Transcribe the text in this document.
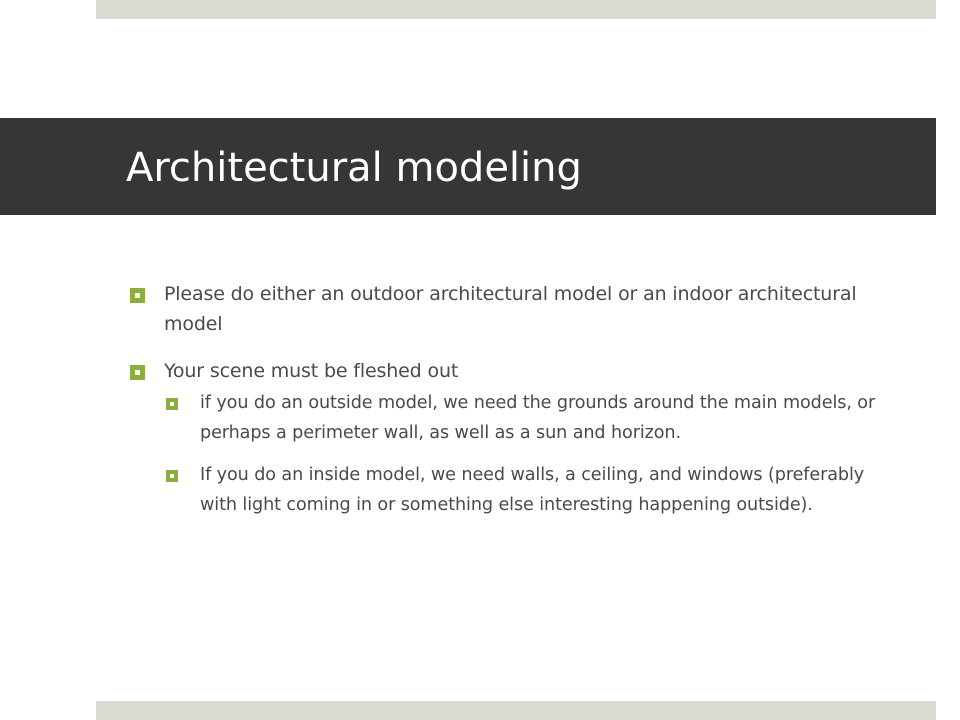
Architectural modeling
Please do either an outdoor architectural model or an indoor architectural model
Your scene must be fleshed out
if you do an outside model, we need the grounds around the main models, or perhaps a perimeter wall, as well as a sun and horizon.
If you do an inside model, we need walls, a ceiling, and windows (preferably with light coming in or something else interesting happening outside).
